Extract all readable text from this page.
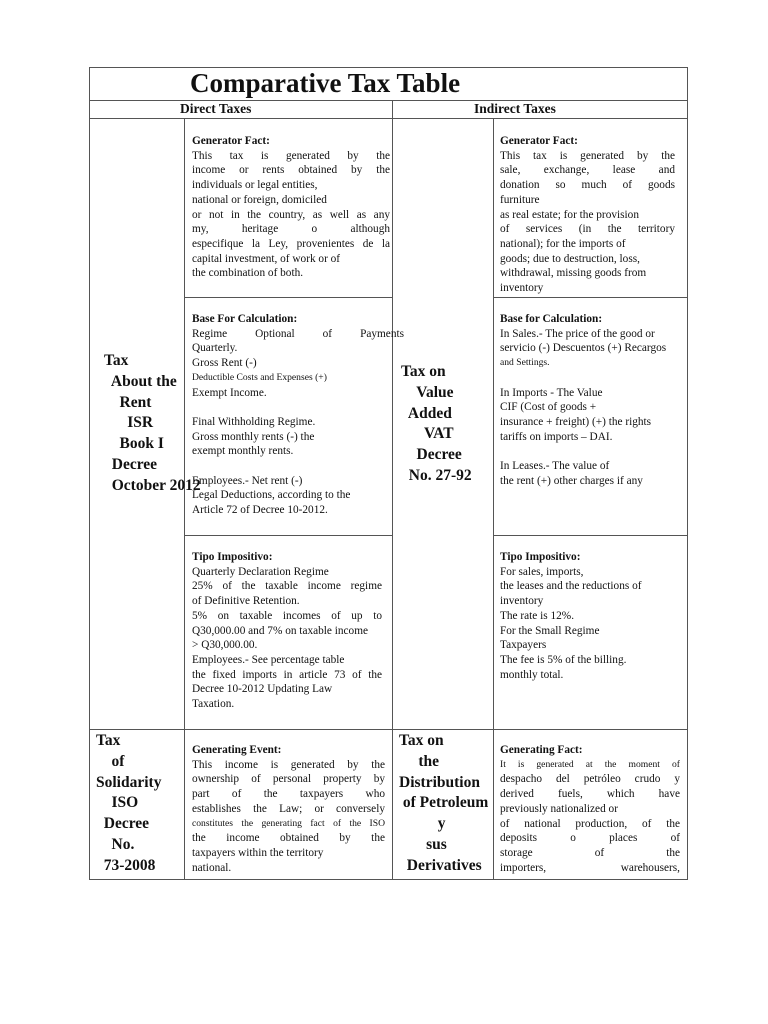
Comparative Tax Table
Direct Taxes	Indirect Taxes
Tax
About the
Rent
ISR
Book I
Decree
October 2012
Tax on
Value
Added
VAT
Decree
No. 27-92
Tax
of
Solidarity
ISO
Decree
No.
73-2008
Tax on
the
Distribution
of Petroleum
y
sus
Derivatives
Generator Fact:
This tax is generated by the
income or rents obtained by the
individuals or legal entities,
national or foreign, domiciled
or not in the country, as well as any
my, heritage o although
especifique la Ley, provenientes de la
capital investment, of work or of
the combination of both.
Base For Calculation:
Regime Optional of Payments
Quarterly.
Gross Rent (-)
Deductible Costs and Expenses (+)
Exempt Income.

Final Withholding Regime.
Gross monthly rents (-) the
exempt monthly rents.

Employees.- Net rent (-)
Legal Deductions, according to the
Article 72 of Decree 10-2012.
Tipo Impositivo:
Quarterly Declaration Regime
25% of the taxable income regime
of Definitive Retention.
5% on taxable incomes of up to
Q30,000.00 and 7% on taxable income
> Q30,000.00.
Employees.- See percentage table
the fixed imports in article 73 of the
Decree 10-2012 Updating Law
Taxation.
Generator Fact:
This tax is generated by the
sale, exchange, lease and
donation so much of goods
furniture
as real estate; for the provision
of services (in the territory
national); for the imports of
goods; due to destruction, loss,
withdrawal, missing goods from
inventory
Base for Calculation:
In Sales.- The price of the good or
servicio (-) Descuentos (+) Recargos
and Settings.

In Imports - The Value
CIF (Cost of goods +
insurance + freight) (+) the rights
tariffs on imports – DAI.

In Leases.- The value of
the rent (+) other charges if any
Tipo Impositivo:
For sales, imports,
the leases and the reductions of
inventory
The rate is 12%.
For the Small Regime
Taxpayers
The fee is 5% of the billing.
monthly total.
Generating Event:
This income is generated by the
ownership of personal property by
part of the taxpayers who
establishes the Law; or conversely
constitutes the generating fact of the ISO
the income obtained by the
taxpayers within the territory
national.
Generating Fact:
It is generated at the moment of
despacho del petróleo crudo y
derived fuels, which have
previously nationalized or
of national production, of the
deposits o places of
storage of the
importers, warehousers,
